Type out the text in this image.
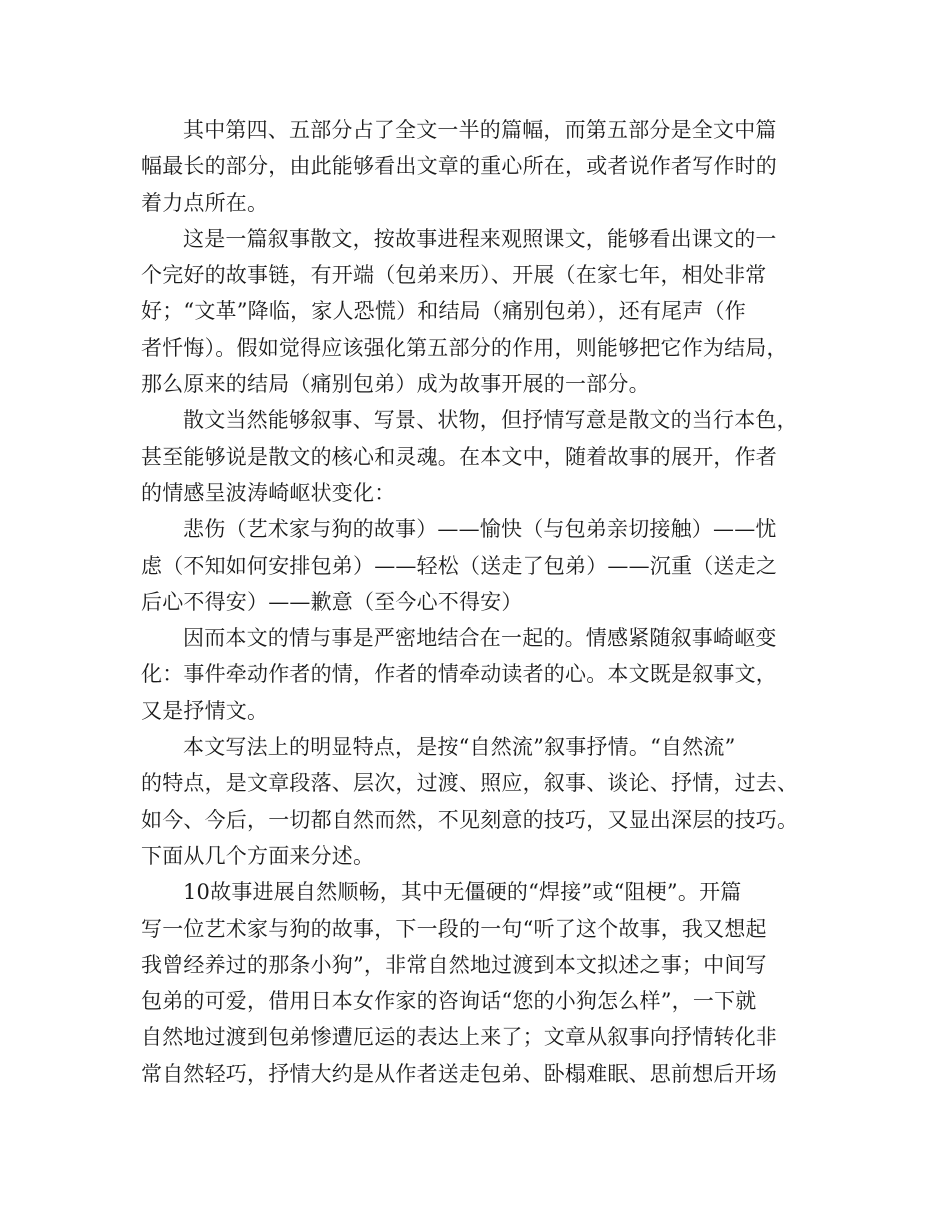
其中第四、五部分占了全文一半的篇幅，而第五部分是全文中篇
幅最长的部分，由此能够看出文章的重心所在，或者说作者写作时的
着力点所在。
这是一篇叙事散文，按故事进程来观照课文，能够看出课文的一
个完好的故事链，有开端（包弟来历）、开展（在家七年，相处非常
好；“文革”降临，家人恐慌）和结局（痛别包弟），还有尾声（作
者忏悔）。假如觉得应该强化第五部分的作用，则能够把它作为结局，
那么原来的结局（痛别包弟）成为故事开展的一部分。
散文当然能够叙事、写景、状物，但抒情写意是散文的当行本色，
甚至能够说是散文的核心和灵魂。在本文中，随着故事的展开，作者
的情感呈波涛崎岖状变化：
悲伤（艺术家与狗的故事）——愉快（与包弟亲切接触）——忧
虑（不知如何安排包弟）——轻松（送走了包弟）——沉重（送走之
后心不得安）——歉意（至今心不得安）
因而本文的情与事是严密地结合在一起的。情感紧随叙事崎岖变
化：事件牵动作者的情，作者的情牵动读者的心。本文既是叙事文，
又是抒情文。
本文写法上的明显特点，是按“自然流”叙事抒情。“自然流”
的特点，是文章段落、层次，过渡、照应，叙事、谈论、抒情，过去、
如今、今后，一切都自然而然，不见刻意的技巧，又显出深层的技巧。
下面从几个方面来分述。
10故事进展自然顺畅，其中无僵硬的“焊接”或“阻梗”。开篇
写一位艺术家与狗的故事，下一段的一句“听了这个故事，我又想起
我曾经养过的那条小狗”，非常自然地过渡到本文拟述之事；中间写
包弟的可爱，借用日本女作家的咨询话“您的小狗怎么样”，一下就
自然地过渡到包弟惨遭厄运的表达上来了；文章从叙事向抒情转化非
常自然轻巧，抒情大约是从作者送走包弟、卧榻难眠、思前想后开场
